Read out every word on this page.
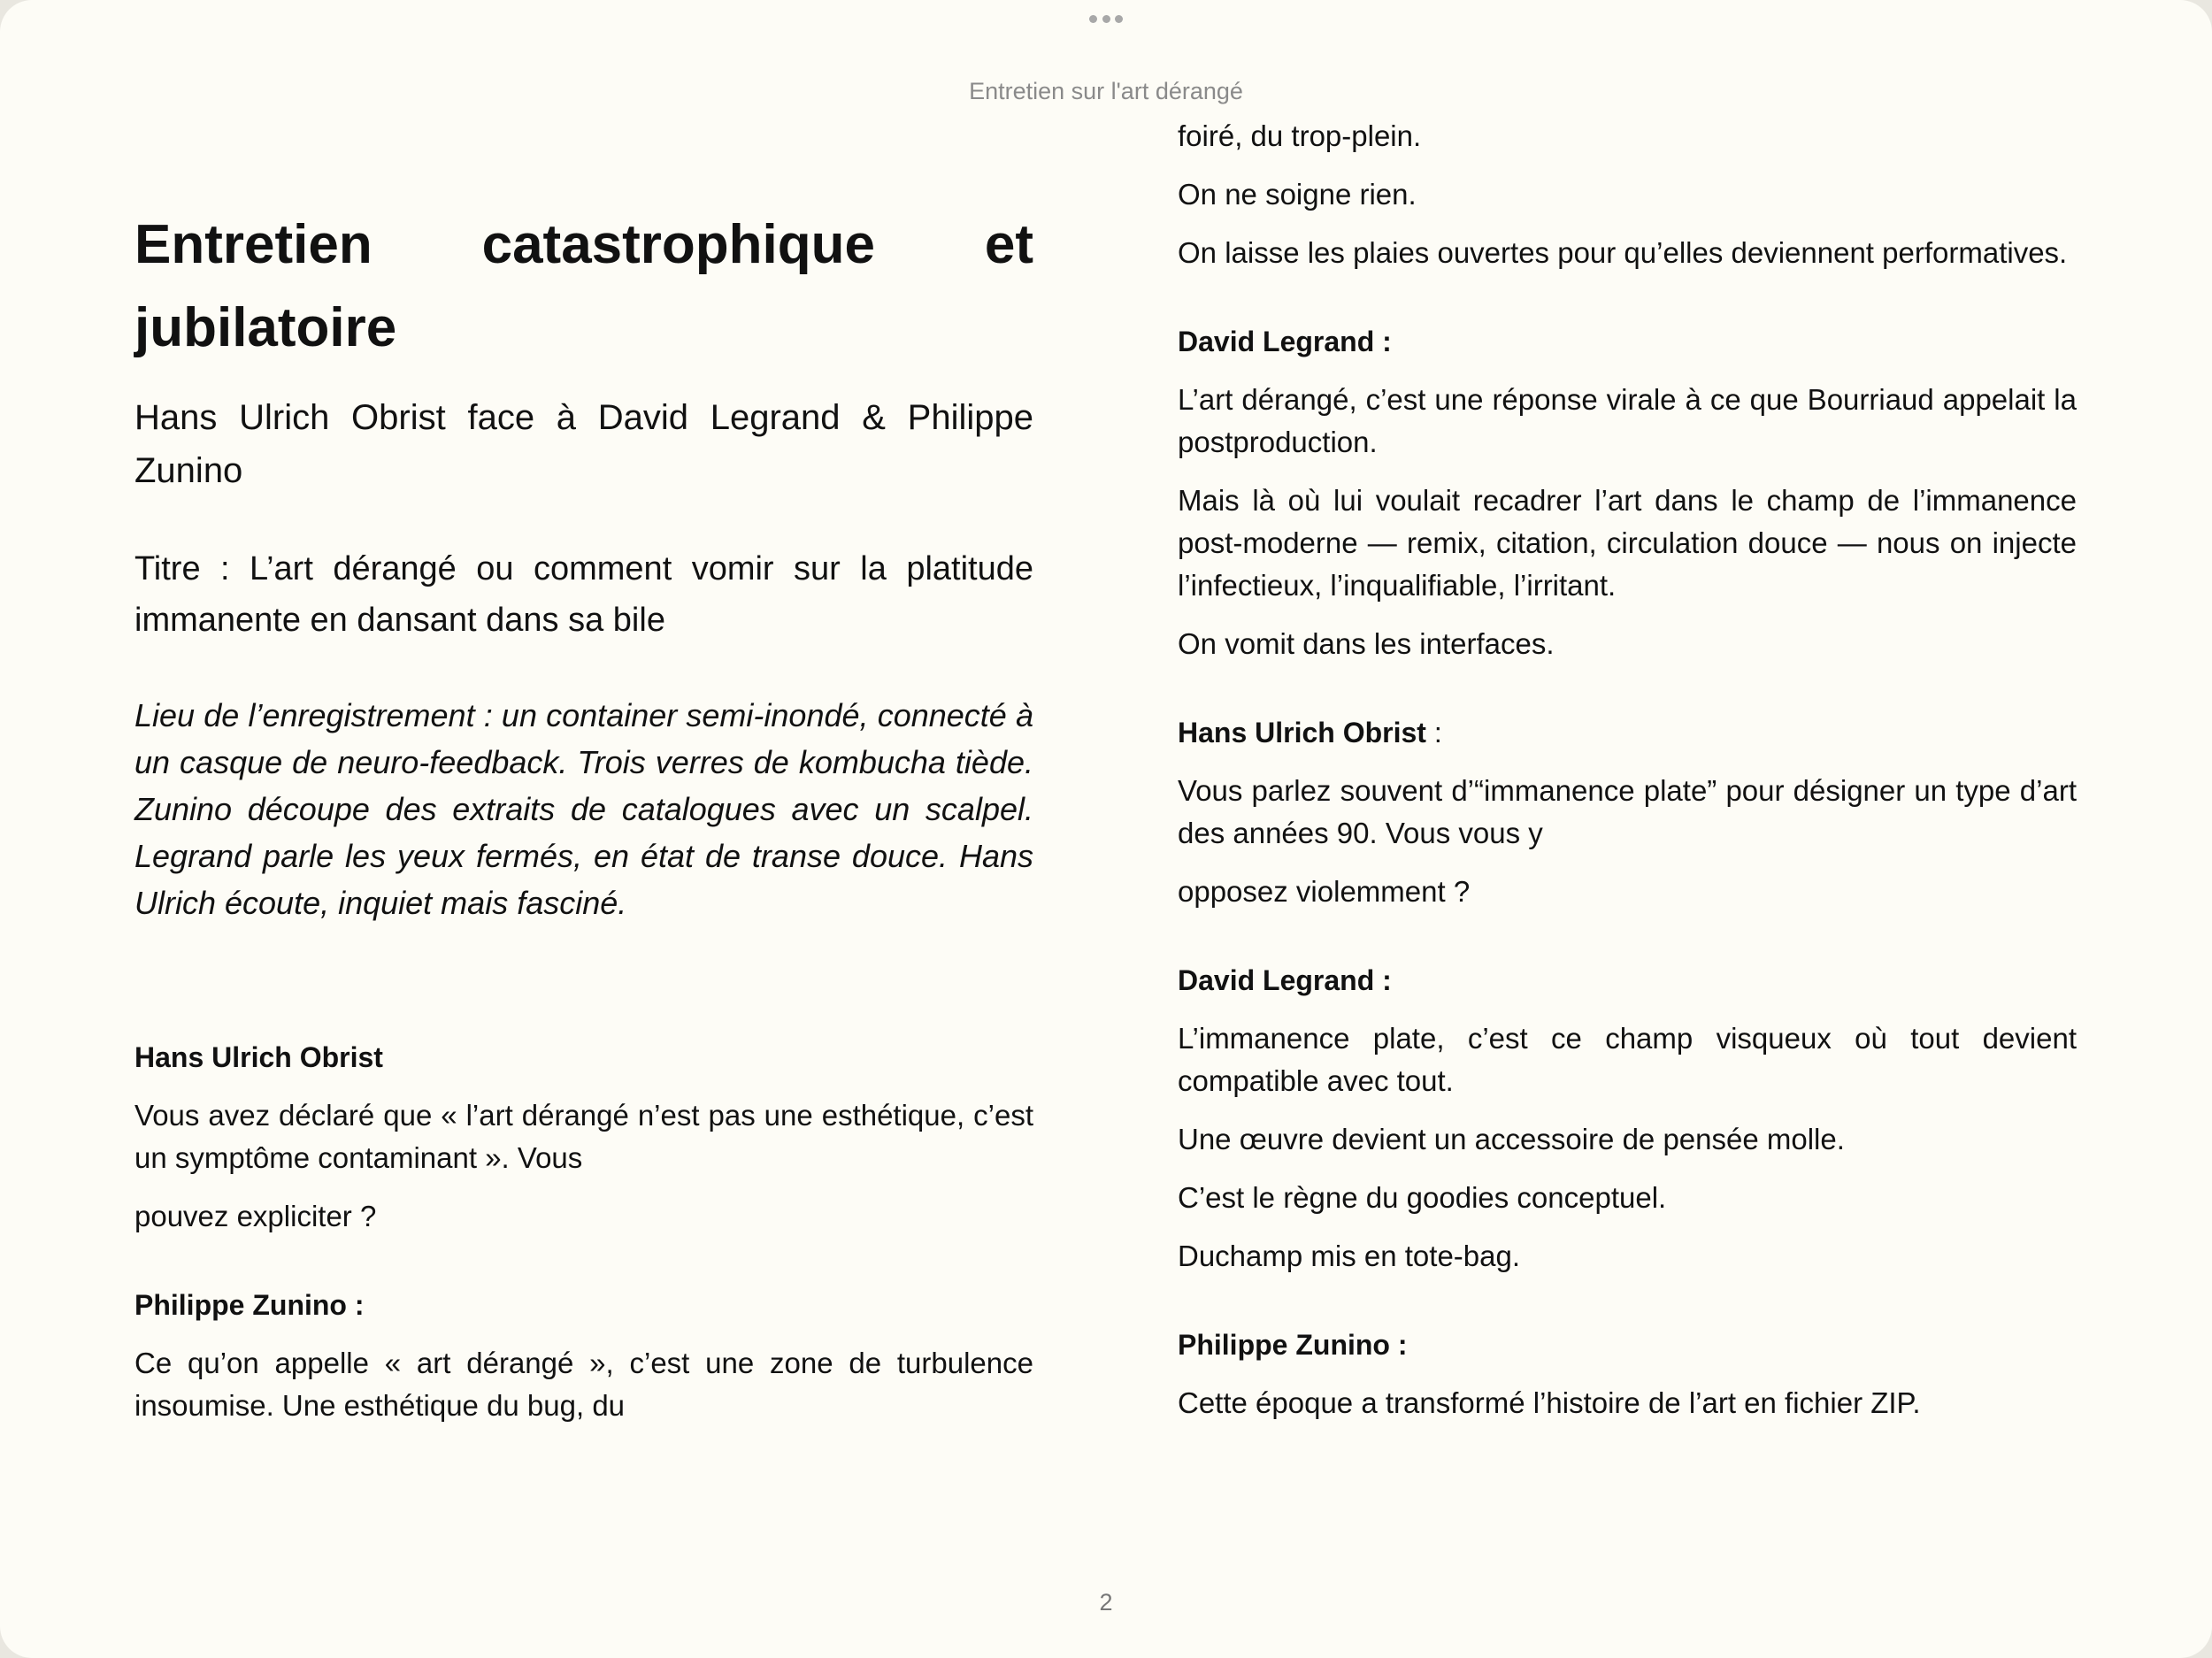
Entretien sur l'art dérangé

Entretien catastrophique et jubilatoire

Hans Ulrich Obrist face à David Legrand & Philippe Zunino

Titre : L’art dérangé ou comment vomir sur la platitude immanente en dansant dans sa bile

Lieu de l’enregistrement : un container semi-inondé, connecté à un casque de neuro-feedback. Trois verres de kombucha tiède. Zunino découpe des extraits de catalogues avec un scalpel. Legrand parle les yeux fermés, en état de transe douce. Hans Ulrich écoute, inquiet mais fasciné.

Hans Ulrich Obrist

Vous avez déclaré que « l’art dérangé n’est pas une esthétique, c’est un symptôme contaminant ». Vous

pouvez expliciter ?

Philippe Zunino :

Ce qu’on appelle « art dérangé », c’est une zone de turbulence insoumise. Une esthétique du bug, du

foiré, du trop-plein.

On ne soigne rien.

On laisse les plaies ouvertes pour qu’elles deviennent performatives.

David Legrand :

L’art dérangé, c’est une réponse virale à ce que Bourriaud appelait la postproduction.

Mais là où lui voulait recadrer l’art dans le champ de l’immanence post-moderne — remix, citation, circulation douce — nous on injecte l’infectieux, l’inqualifiable, l’irritant.

On vomit dans les interfaces.

Hans Ulrich Obrist :

Vous parlez souvent d’“immanence plate” pour désigner un type d’art des années 90. Vous vous y

opposez violemment ?

David Legrand :

L’immanence plate, c’est ce champ visqueux où tout devient compatible avec tout.

Une œuvre devient un accessoire de pensée molle.

C’est le règne du goodies conceptuel.

Duchamp mis en tote-bag.

Philippe Zunino :

Cette époque a transformé l’histoire de l’art en fichier ZIP.

2
